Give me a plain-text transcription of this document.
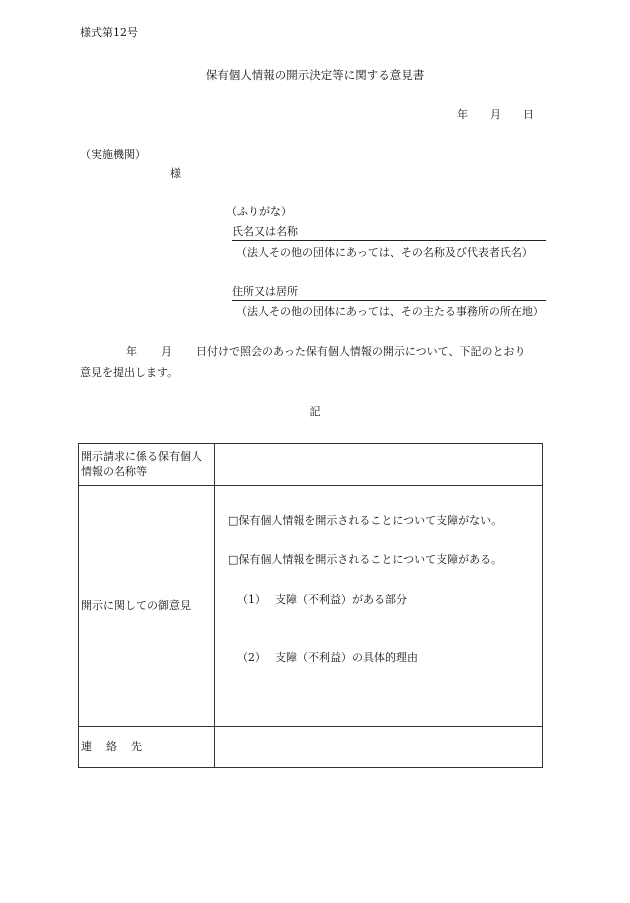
様式第12号
保有個人情報の開示決定等に関する意見書
年 月 日
（実施機関）
様
（ふりがな）
氏名又は名称
（法人その他の団体にあっては、その名称及び代表者氏名）
住所又は居所
（法人その他の団体にあっては、その主たる事務所の所在地）
年 月 日付けで照会のあった保有個人情報の開示について、下記のとおり
意見を提出します。
記
開示請求に係る保有個人
情報の名称等	

開示に関しての御意見	□保有個人情報を開示されることについて支障がない。
□保有個人情報を開示されることについて支障がある。
（1） 支障（不利益）がある部分
（2） 支障（不利益）の具体的理由

連 絡 先	
